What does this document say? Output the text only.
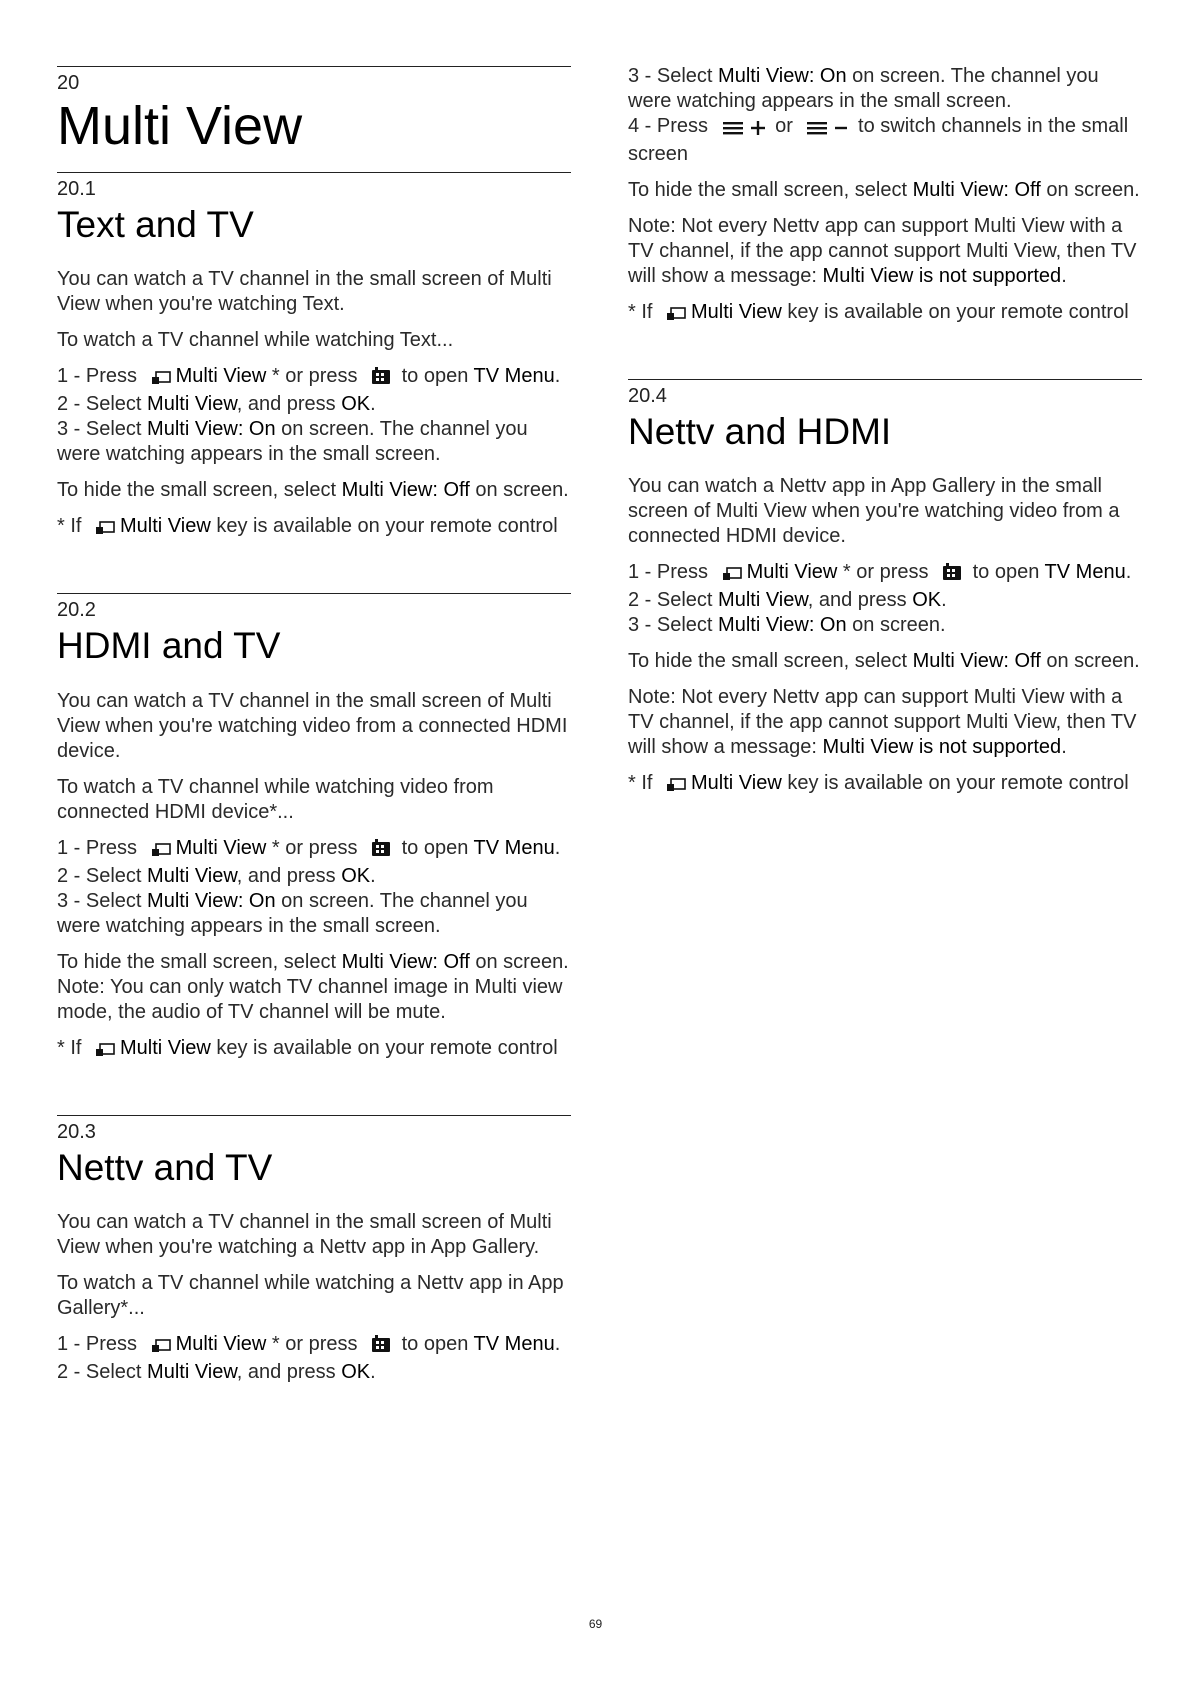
20
Multi View
20.1
Text and TV

You can watch a TV channel in the small screen of Multi View when you're watching Text.

To watch a TV channel while watching Text...

1 - Press Multi View * or press  to open TV Menu.

2 - Select Multi View, and press OK.

3 - Select Multi View: On on screen. The channel you were watching appears in the small screen.

To hide the small screen, select Multi View: Off on screen.

* If Multi View key is available on your remote control

20.2
HDMI and TV

You can watch a TV channel in the small screen of Multi View when you're watching video from a connected HDMI device.

To watch a TV channel while watching video from connected HDMI device*...

1 - Press Multi View * or press  to open TV Menu.

2 - Select Multi View, and press OK.

3 - Select Multi View: On on screen. The channel you were watching appears in the small screen.

To hide the small screen, select Multi View: Off on screen.

Note: You can only watch TV channel image in Multi view mode, the audio of TV channel will be mute.

* If Multi View key is available on your remote control

20.3
Nettv and TV

You can watch a TV channel in the small screen of Multi View when you're watching a Nettv app in App Gallery.

To watch a TV channel while watching a Nettv app in App Gallery*...

1 - Press Multi View * or press  to open TV Menu.

2 - Select Multi View, and press OK.

3 - Select Multi View: On on screen. The channel you were watching appears in the small screen.

4 - Press	or	to switch channels in the small screen

To hide the small screen, select Multi View: Off on screen.

Note: Not every Nettv app can support Multi View with a TV channel, if the app cannot support Multi View, then TV will show a message: Multi View is not supported.

* If Multi View key is available on your remote control

20.4
Nettv and HDMI

You can watch a Nettv app in App Gallery in the small screen of Multi View when you're watching video from a connected HDMI device.

1 - Press Multi View * or press  to open TV Menu.

2 - Select Multi View, and press OK.

3 - Select Multi View: On on screen.

To hide the small screen, select Multi View: Off on screen.

Note: Not every Nettv app can support Multi View with a TV channel, if the app cannot support Multi View, then TV will show a message: Multi View is not supported.

* If Multi View key is available on your remote control

69
